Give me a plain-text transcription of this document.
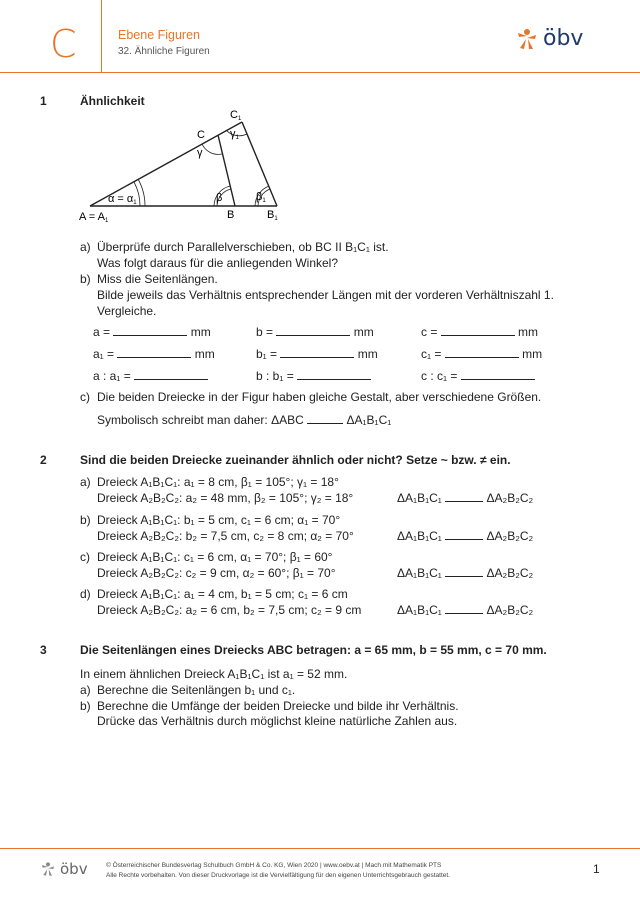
C	Ebene Figuren
32. Ähnliche Figuren
öbv
1	Ähnlichkeit
α = α1	β	β1
γ
γ1
A = A1	B	B1
C
C1
a) Überprüfe durch Parallelverschieben, ob BC II B₁C₁ ist.
Was folgt daraus für die anliegenden Winkel?
b) Miss die Seitenlängen.
Bilde jeweils das Verhältnis entsprechender Längen mit der vorderen Verhältniszahl 1.
Vergleiche.
a =	mm	b =	mm	c =	mm
a₁ =	mm	b₁ =	mm	c₁ =	mm
a : a₁ =	b : b₁ =	c : c₁ =
c) Die beiden Dreiecke in der Figur haben gleiche Gestalt, aber verschiedene Größen.
Symbolisch schreibt man daher: ΔABC	ΔA₁B₁C₁
2	Sind die beiden Dreiecke zueinander ähnlich oder nicht? Setze ~ bzw. ≠ ein.
a) Dreieck A₁B₁C₁: a₁ = 8 cm, β₁ = 105°; γ₁ = 18°
Dreieck A₂B₂C₂: a₂ = 48 mm, β₂ = 105°; γ₂ = 18°	ΔA₁B₁C₁	ΔA₂B₂C₂
b) Dreieck A₁B₁C₁: b₁ = 5 cm, c₁ = 6 cm; α₁ = 70°
Dreieck A₂B₂C₂: b₂ = 7,5 cm, c₂ = 8 cm; α₂ = 70°	ΔA₁B₁C₁	ΔA₂B₂C₂
c) Dreieck A₁B₁C₁: c₁ = 6 cm, α₁ = 70°; β₁ = 60°
Dreieck A₂B₂C₂: c₂ = 9 cm, α₂ = 60°; β₁ = 70°	ΔA₁B₁C₁	ΔA₂B₂C₂
d) Dreieck A₁B₁C₁: a₁ = 4 cm, b₁ = 5 cm; c₁ = 6 cm
Dreieck A₂B₂C₂: a₂ = 6 cm, b₂ = 7,5 cm; c₂ = 9 cm	ΔA₁B₁C₁	ΔA₂B₂C₂
3	Die Seitenlängen eines Dreiecks ABC betragen: a = 65 mm, b = 55 mm, c = 70 mm.
In einem ähnlichen Dreieck A₁B₁C₁ ist a₁ = 52 mm.
a) Berechne die Seitenlängen b₁ und c₁.
b) Berechne die Umfänge der beiden Dreiecke und bilde ihr Verhältnis.
Drücke das Verhältnis durch möglichst kleine natürliche Zahlen aus.
öbv	© Österreichischer Bundesverlag Schulbuch GmbH & Co. KG, Wien 2020 | www.oebv.at | Mach mit Mathematik PTS
Alle Rechte vorbehalten. Von dieser Druckvorlage ist die Vervielfältigung für den eigenen Unterrichtsgebrauch gestattet.	1
